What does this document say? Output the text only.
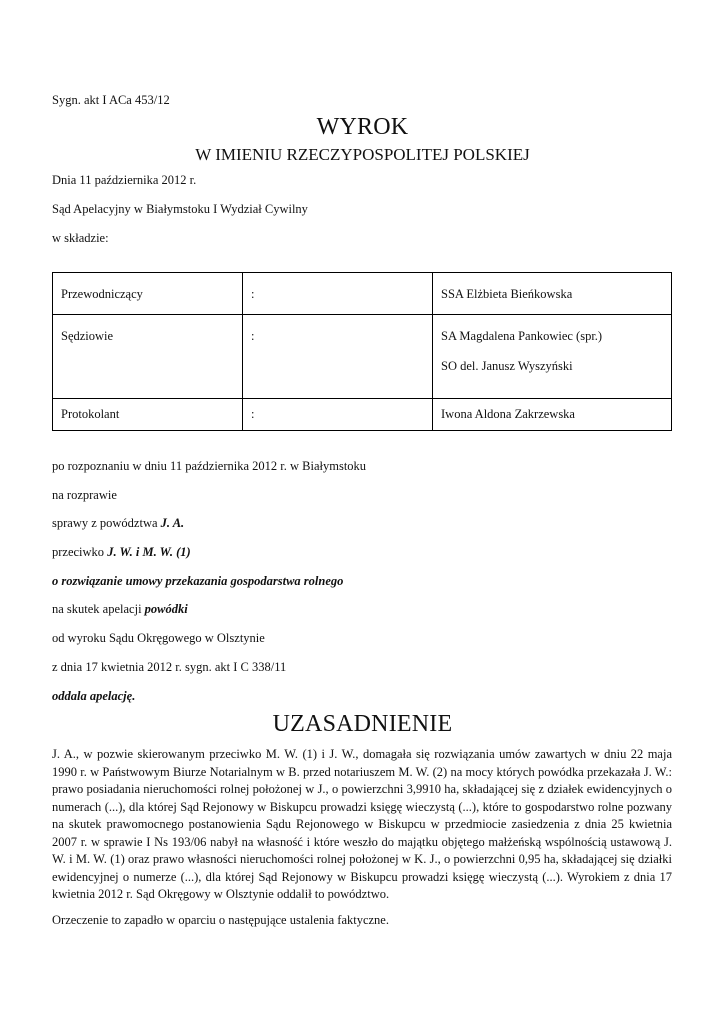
Sygn. akt I ACa 453/12
WYROK
W IMIENIU RZECZYPOSPOLITEJ POLSKIEJ
Dnia 11 października 2012 r.
Sąd Apelacyjny w Białymstoku I Wydział Cywilny
w składzie:
Przewodniczący	:	SSA Elżbieta Bieńkowska
Sędziowie	:	SA Magdalena Pankowiec (spr.)
SO del. Janusz Wyszyński

Protokolant	:	Iwona Aldona Zakrzewska
po rozpoznaniu w dniu 11 października 2012 r. w Białymstoku
na rozprawie
sprawy z powództwa J. A.
przeciwko J. W. i M. W. (1)
o rozwiązanie umowy przekazania gospodarstwa rolnego
na skutek apelacji powódki
od wyroku Sądu Okręgowego w Olsztynie
z dnia 17 kwietnia 2012 r. sygn. akt I C 338/11
oddala apelację.
UZASADNIENIE
J. A., w pozwie skierowanym przeciwko M. W. (1) i J. W., domagała się rozwiązania umów zawartych w dniu 22 maja 1990 r. w Państwowym Biurze Notarialnym w B. przed notariuszem M. W. (2) na mocy których powódka przekazała J. W.: prawo posiadania nieruchomości rolnej położonej w J., o powierzchni 3,9910 ha, składającej się z działek ewidencyjnych o numerach (...), dla której Sąd Rejonowy w Biskupcu prowadzi księgę wieczystą (...), które to gospodarstwo rolne pozwany na skutek prawomocnego postanowienia Sądu Rejonowego w Biskupcu w przedmiocie zasiedzenia z dnia 25 kwietnia 2007 r. w sprawie I Ns 193/06 nabył na własność i które weszło do majątku objętego małżeńską wspólnością ustawową J. W. i M. W. (1) oraz prawo własności nieruchomości rolnej położonej w K. J., o powierzchni 0,95 ha, składającej się działki ewidencyjnej o numerze (...), dla której Sąd Rejonowy w Biskupcu prowadzi księgę wieczystą (...). Wyrokiem z dnia 17 kwietnia 2012 r. Sąd Okręgowy w Olsztynie oddalił to powództwo.
Orzeczenie to zapadło w oparciu o następujące ustalenia faktyczne.
